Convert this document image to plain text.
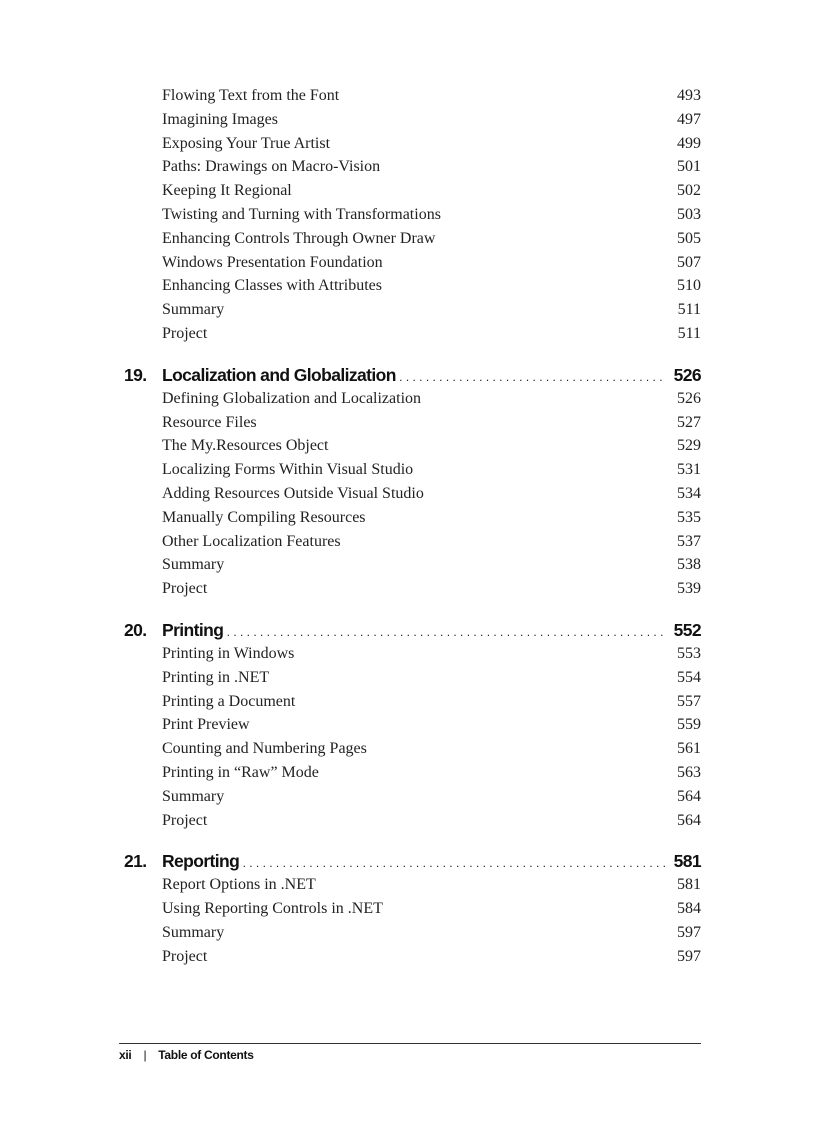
Flowing Text from the Font	493
Imagining Images	497
Exposing Your True Artist	499
Paths: Drawings on Macro-Vision	501
Keeping It Regional	502
Twisting and Turning with Transformations	503
Enhancing Controls Through Owner Draw	505
Windows Presentation Foundation	507
Enhancing Classes with Attributes	510
Summary	511
Project	511
19. Localization and Globalization . . .	526
Defining Globalization and Localization	526
Resource Files	527
The My.Resources Object	529
Localizing Forms Within Visual Studio	531
Adding Resources Outside Visual Studio	534
Manually Compiling Resources	535
Other Localization Features	537
Summary	538
Project	539
20. Printing . . .	552
Printing in Windows	553
Printing in .NET	554
Printing a Document	557
Print Preview	559
Counting and Numbering Pages	561
Printing in “Raw” Mode	563
Summary	564
Project	564
21. Reporting . . .	581
Report Options in .NET	581
Using Reporting Controls in .NET	584
Summary	597
Project	597
xii | Table of Contents
